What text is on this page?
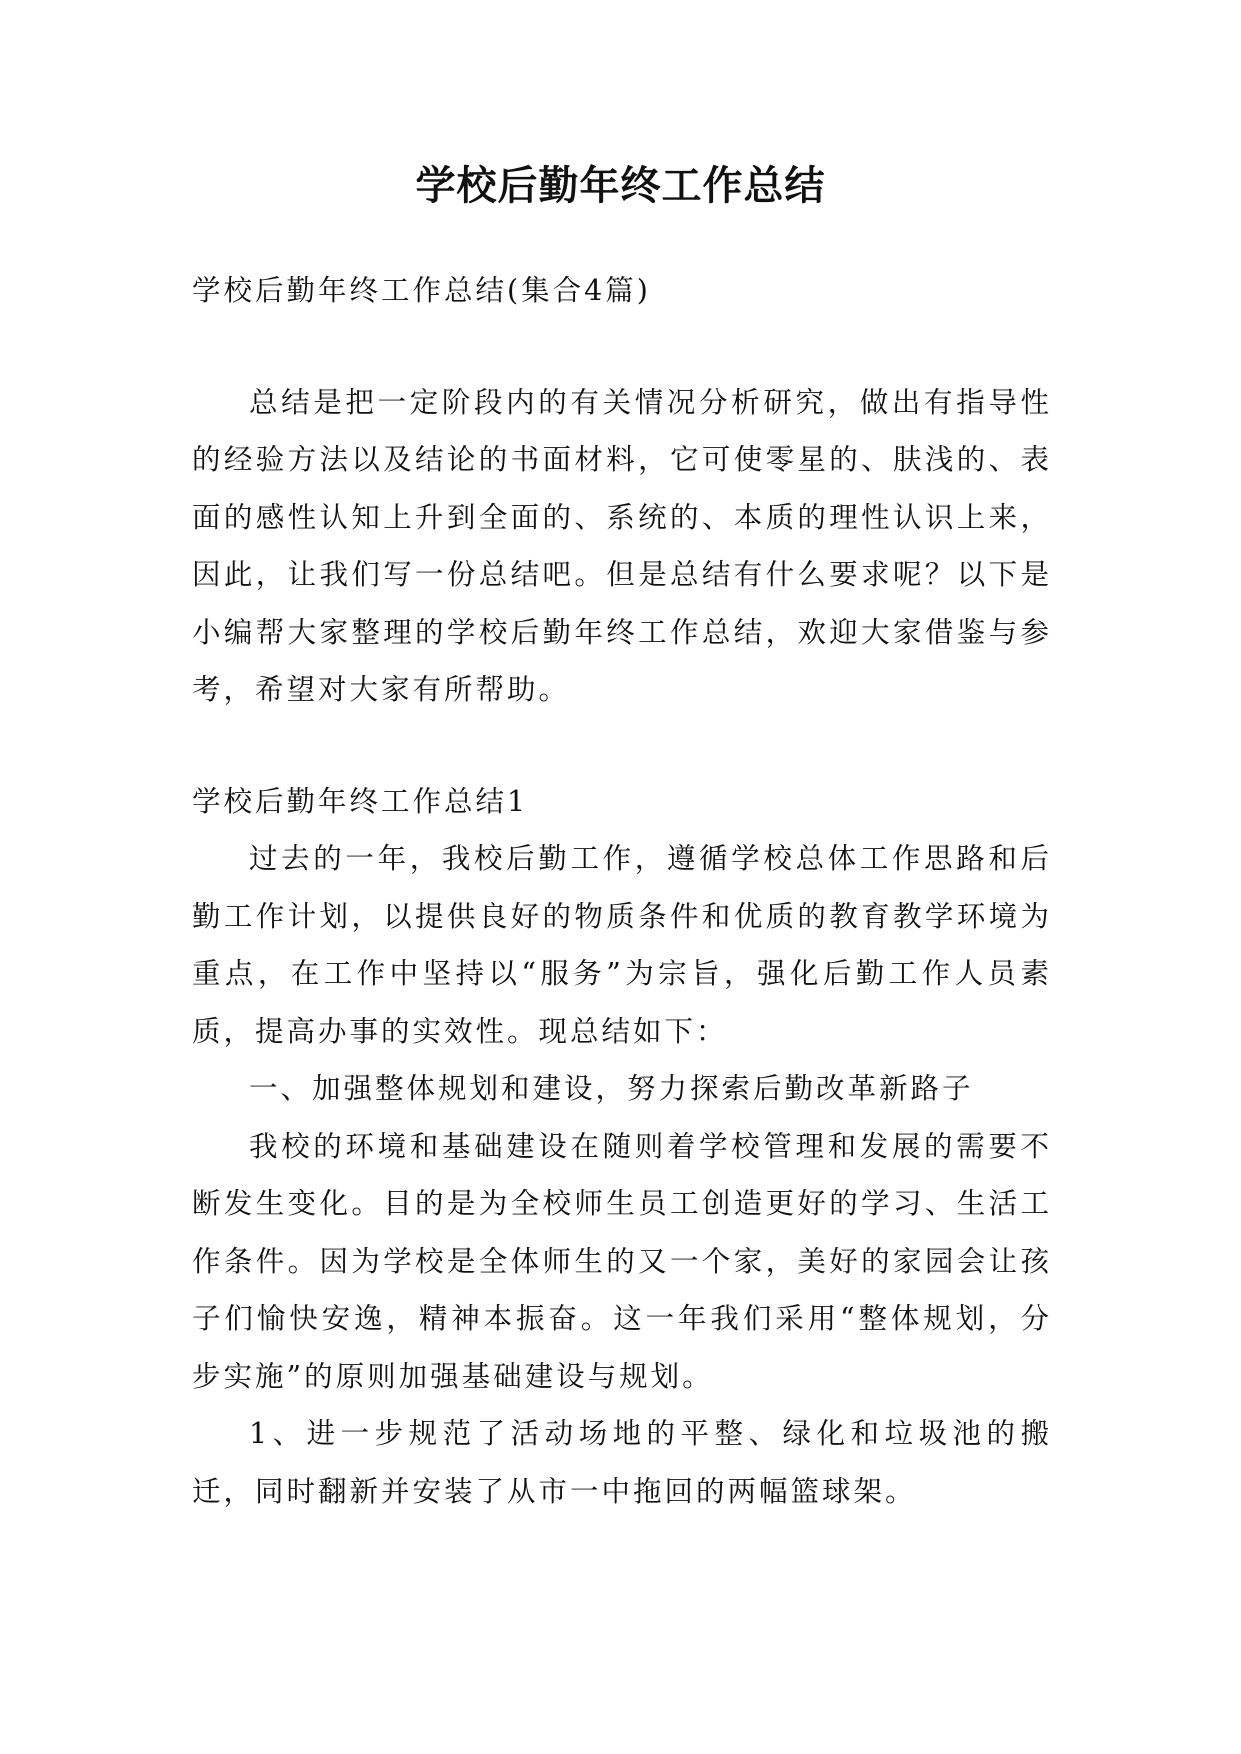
学校后勤年终工作总结

学校后勤年终工作总结(集合4篇)

总结是把一定阶段内的有关情况分析研究，做出有指导性的经验方法以及结论的书面材料，它可使零星的、肤浅的、表面的感性认知上升到全面的、系统的、本质的理性认识上来，因此，让我们写一份总结吧。但是总结有什么要求呢？以下是小编帮大家整理的学校后勤年终工作总结，欢迎大家借鉴与参考，希望对大家有所帮助。

学校后勤年终工作总结1

过去的一年，我校后勤工作，遵循学校总体工作思路和后勤工作计划，以提供良好的物质条件和优质的教育教学环境为重点，在工作中坚持以“服务”为宗旨，强化后勤工作人员素质，提高办事的实效性。现总结如下：

一、加强整体规划和建设，努力探索后勤改革新路子

我校的环境和基础建设在随则着学校管理和发展的需要不断发生变化。目的是为全校师生员工创造更好的学习、生活工作条件。因为学校是全体师生的又一个家，美好的家园会让孩子们愉快安逸，精神本振奋。这一年我们采用“整体规划，分步实施”的原则加强基础建设与规划。

1、进一步规范了活动场地的平整、绿化和垃圾池的搬迁，同时翻新并安装了从市一中拖回的两幅篮球架。
